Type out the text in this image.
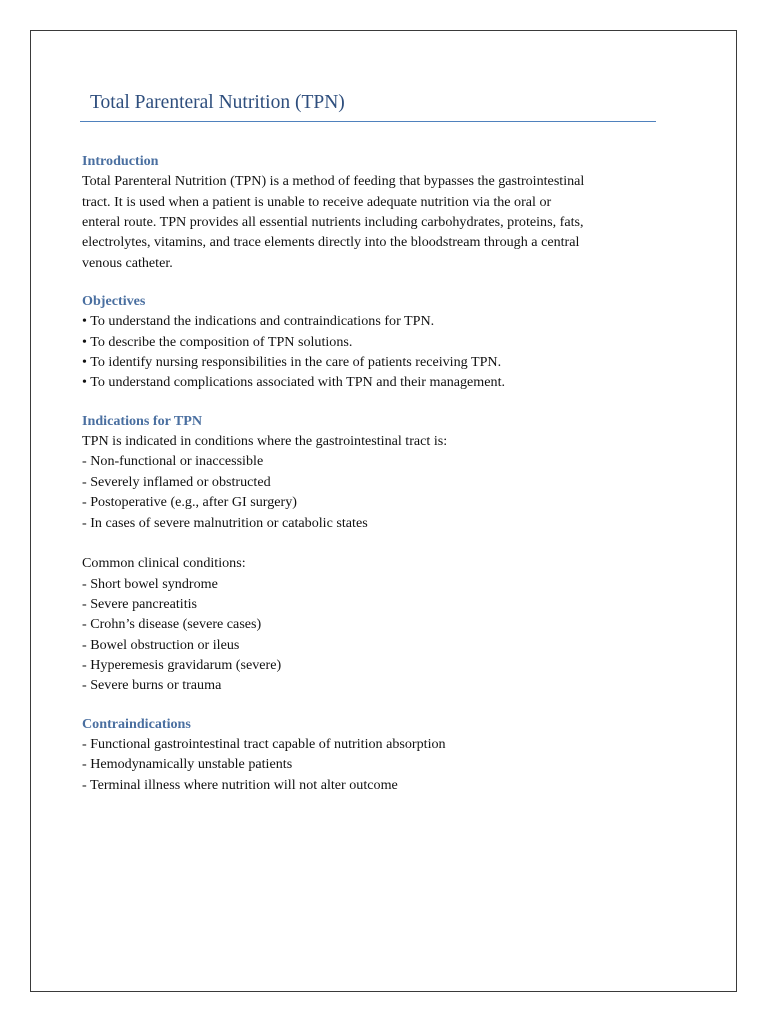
Total Parenteral Nutrition (TPN)
Introduction
Total Parenteral Nutrition (TPN) is a method of feeding that bypasses the gastrointestinal
tract. It is used when a patient is unable to receive adequate nutrition via the oral or
enteral route. TPN provides all essential nutrients including carbohydrates, proteins, fats,
electrolytes, vitamins, and trace elements directly into the bloodstream through a central
venous catheter.
Objectives
• To understand the indications and contraindications for TPN.
• To describe the composition of TPN solutions.
• To identify nursing responsibilities in the care of patients receiving TPN.
• To understand complications associated with TPN and their management.
Indications for TPN
TPN is indicated in conditions where the gastrointestinal tract is:
- Non-functional or inaccessible
- Severely inflamed or obstructed
- Postoperative (e.g., after GI surgery)
- In cases of severe malnutrition or catabolic states
Common clinical conditions:
- Short bowel syndrome
- Severe pancreatitis
- Crohn’s disease (severe cases)
- Bowel obstruction or ileus
- Hyperemesis gravidarum (severe)
- Severe burns or trauma
Contraindications
- Functional gastrointestinal tract capable of nutrition absorption
- Hemodynamically unstable patients
- Terminal illness where nutrition will not alter outcome
